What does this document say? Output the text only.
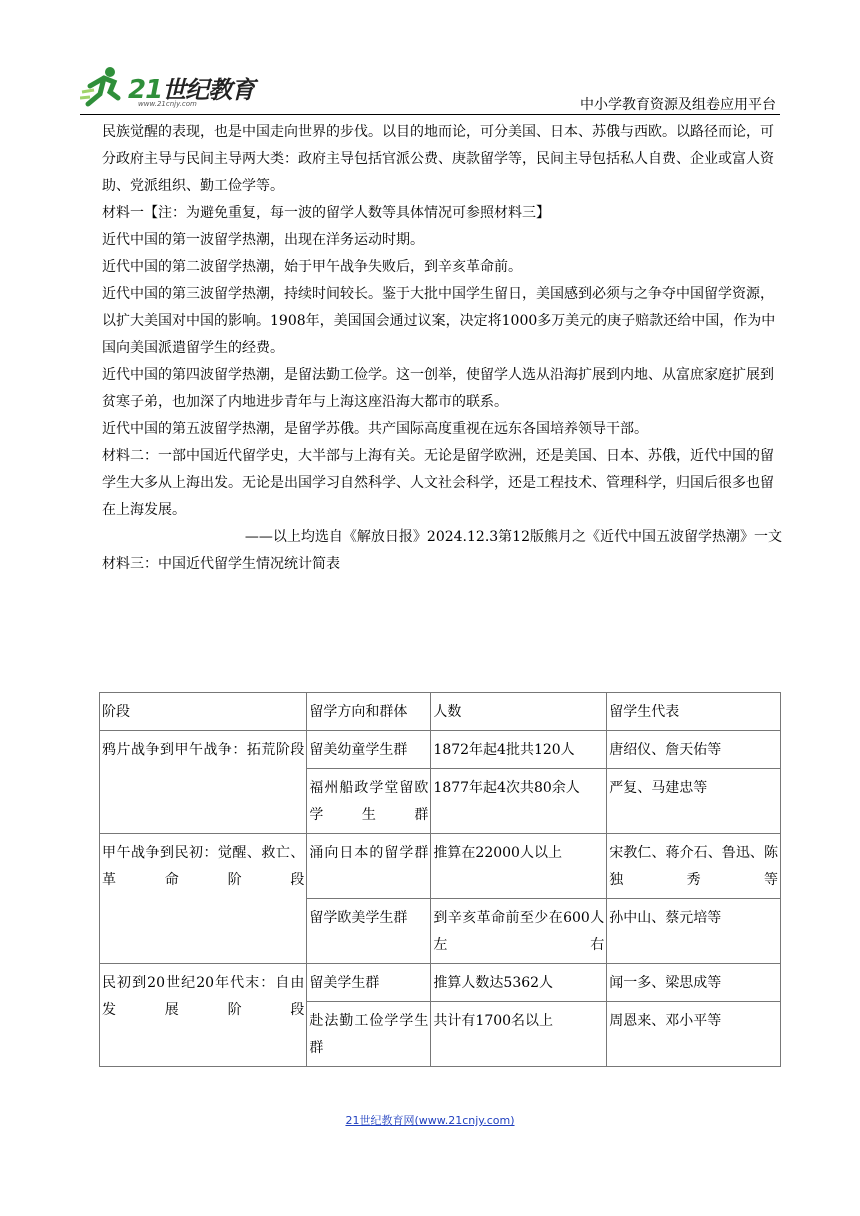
21世纪教育
www.21cnjy.com	中小学教育资源及组卷应用平台

民族觉醒的表现，也是中国走向世界的步伐。以目的地而论，可分美国、日本、苏俄与西欧。以路径而论，可分政府主导与民间主导两大类：政府主导包括官派公费、庚款留学等，民间主导包括私人自费、企业或富人资助、党派组织、勤工俭学等。

材料一【注：为避免重复，每一波的留学人数等具体情况可参照材料三】

近代中国的第一波留学热潮，出现在洋务运动时期。

近代中国的第二波留学热潮，始于甲午战争失败后，到辛亥革命前。

近代中国的第三波留学热潮，持续时间较长。鉴于大批中国学生留日，美国感到必须与之争夺中国留学资源，以扩大美国对中国的影响。1908年，美国国会通过议案，决定将1000多万美元的庚子赔款还给中国，作为中国向美国派遣留学生的经费。

近代中国的第四波留学热潮，是留法勤工俭学。这一创举，使留学人选从沿海扩展到内地、从富庶家庭扩展到贫寒子弟，也加深了内地进步青年与上海这座沿海大都市的联系。

近代中国的第五波留学热潮，是留学苏俄。共产国际高度重视在远东各国培养领导干部。

材料二：一部中国近代留学史，大半部与上海有关。无论是留学欧洲，还是美国、日本、苏俄，近代中国的留学生大多从上海出发。无论是出国学习自然科学、人文社会科学，还是工程技术、管理科学，归国后很多也留在上海发展。

——以上均选自《解放日报》2024.12.3第12版熊月之《近代中国五波留学热潮》一文

材料三：中国近代留学生情况统计简表

阶段	留学方向和群体	人数	留学生代表
鸦片战争到甲午战争：拓荒阶段	留美幼童学生群	1872年起4批共120人	唐绍仪、詹天佑等
	福州船政学堂留欧学生群	1877年起4次共80余人	严复、马建忠等
甲午战争到民初：觉醒、救亡、革命阶段	涌向日本的留学群	推算在22000人以上	宋教仁、蒋介石、鲁迅、陈独秀等
	留学欧美学生群	到辛亥革命前至少在600人左右	孙中山、蔡元培等
民初到20世纪20年代末：自由发展阶段	留美学生群	推算人数达5362人	闻一多、梁思成等
	赴法勤工俭学学生群	共计有1700名以上	周恩来、邓小平等
21世纪教育网(www.21cnjy.com)
